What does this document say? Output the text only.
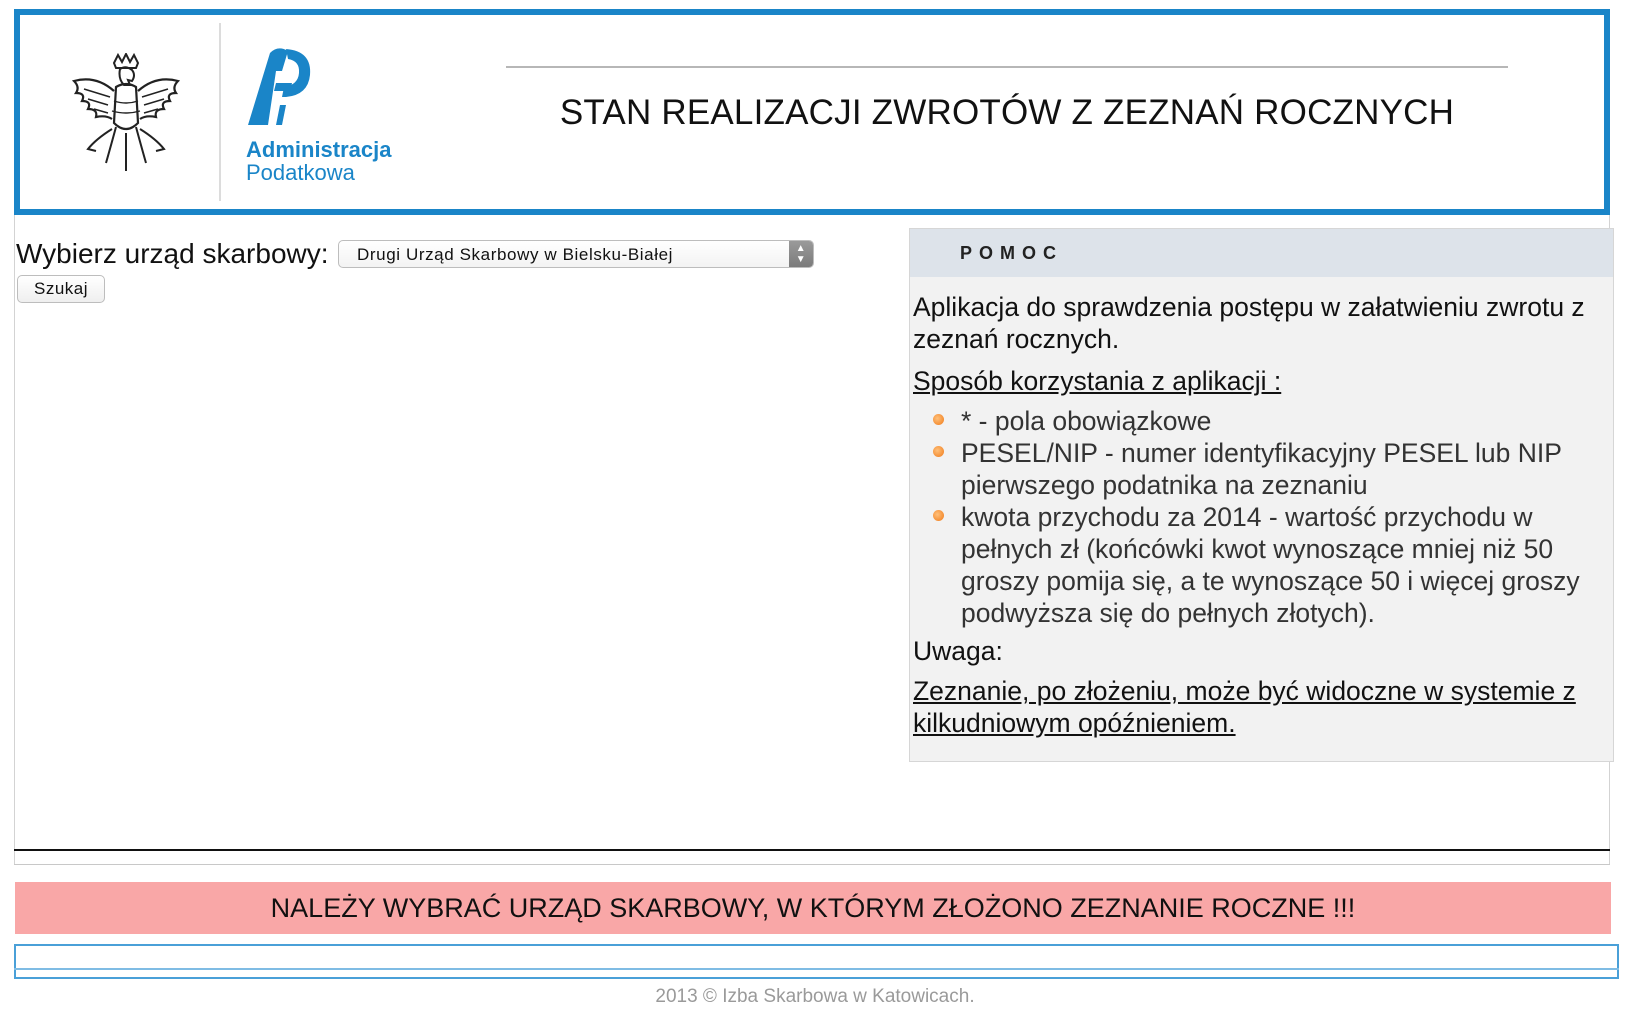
Administracja
Podatkowa
STAN REALIZACJI ZWROTÓW Z ZEZNAŃ ROCZNYCH
Wybierz urząd skarbowy:	Drugi Urząd Skarbowy w Bielsku-Białej	▲
▼
Szukaj
POMOC

Aplikacja do sprawdzenia postępu w załatwieniu zwrotu z zeznań rocznych.

Sposób korzystania z aplikacji :

* - pola obowiązkowe
PESEL/NIP - numer identyfikacyjny PESEL lub NIP pierwszego podatnika na zeznaniu
kwota przychodu za 2014 - wartość przychodu w pełnych zł (końcówki kwot wynoszące mniej niż 50 groszy pomija się, a te wynoszące 50 i więcej groszy podwyższa się do pełnych złotych).

Uwaga:

Zeznanie, po złożeniu, może być widoczne w systemie z kilkudniowym opóźnieniem.

NALEŻY WYBRAĆ URZĄD SKARBOWY, W KTÓRYM ZŁOŻONO ZEZNANIE ROCZNE !!!
2013 © Izba Skarbowa w Katowicach.
